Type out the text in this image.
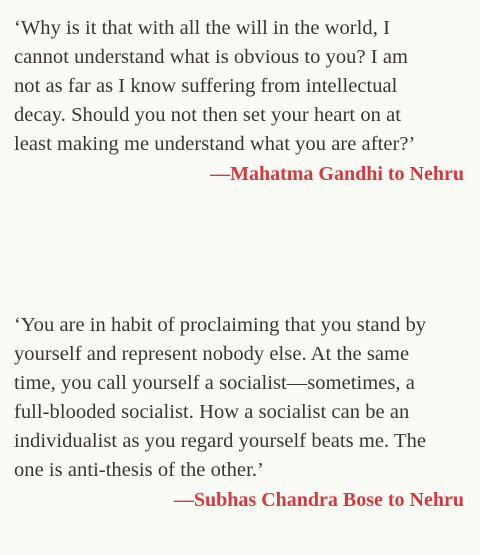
‘Why is it that with all the will in the world, I
cannot understand what is obvious to you? I am
not as far as I know suffering from intellectual
decay. Should you not then set your heart on at
least making me understand what you are after?’
—Mahatma Gandhi to Nehru
‘You are in habit of proclaiming that you stand by
yourself and represent nobody else. At the same
time, you call yourself a socialist—sometimes, a
full-blooded socialist. How a socialist can be an
individualist as you regard yourself beats me. The
one is anti-thesis of the other.’
—Subhas Chandra Bose to Nehru
